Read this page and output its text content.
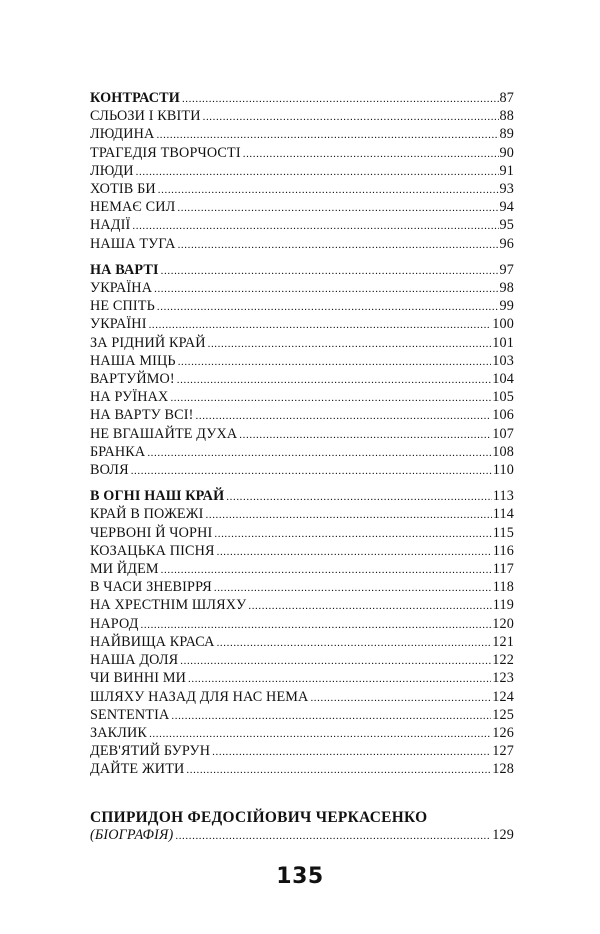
КОНТРАСТИ .....	87
СЛЬОЗИ І КВІТИ .....	88
ЛЮДИНА .....	89
ТРАГЕДІЯ ТВОРЧОСТІ .....	90
ЛЮДИ .....	91
ХОТІВ БИ .....	93
НЕМАЄ СИЛ .....	94
НАДІЇ .....	95
НАША ТУГА .....	96
НА ВАРТІ .....	97
УКРАЇНА .....	98
НЕ СПІТЬ .....	99
УКРАЇНІ .....	100
ЗА РІДНИЙ КРАЙ .....	101
НАША МІЦЬ .....	103
ВАРТУЙМО! .....	104
НА РУЇНАХ .....	105
НА ВАРТУ ВСІ! .....	106
НЕ ВГАШАЙТЕ ДУХА .....	107
БРАНКА .....	108
ВОЛЯ .....	110
В ОГНІ НАШ КРАЙ .....	113
КРАЙ В ПОЖЕЖІ .....	114
ЧЕРВОНІ Й ЧОРНІ .....	115
КОЗАЦЬКА ПІСНЯ .....	116
МИ ЙДЕМ .....	117
В ЧАСИ ЗНЕВІРРЯ .....	118
НА ХРЕСТНІМ ШЛЯХУ .....	119
НАРОД .....	120
НАЙВИЩА КРАСА .....	121
НАША ДОЛЯ .....	122
ЧИ ВИННІ МИ .....	123
ШЛЯХУ НАЗАД ДЛЯ НАС НЕМА .....	124
SENTENTIA .....	125
ЗАКЛИК .....	126
ДЕВ'ЯТИЙ БУРУН .....	127
ДАЙТЕ ЖИТИ .....	128
СПИРИДОН ФЕДОСІЙОВИЧ ЧЕРКАСЕНКО
(БІОГРАФІЯ) .....	129
135
